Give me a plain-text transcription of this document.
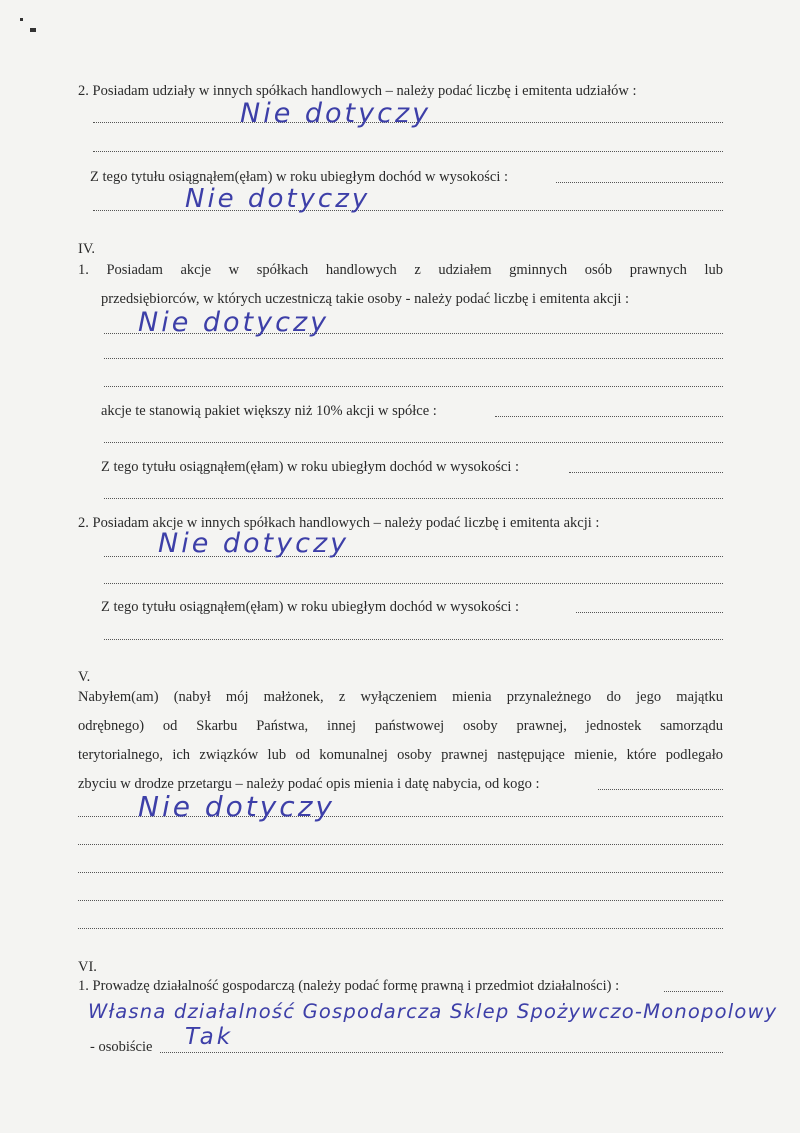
2. Posiadam udziały w innych spółkach handlowych – należy podać liczbę i emitenta udziałów :
Nie dotyczy
Z tego tytułu osiągnąłem(ęłam) w roku ubiegłym dochód w wysokości :
Nie dotyczy
IV.
1. Posiadam akcje w spółkach handlowych z udziałem gminnych osób prawnych lub
przedsiębiorców, w których uczestniczą takie osoby - należy podać liczbę i emitenta akcji :
Nie dotyczy
akcje te stanowią pakiet większy niż 10% akcji w spółce :
Z tego tytułu osiągnąłem(ęłam) w roku ubiegłym dochód w wysokości :
2. Posiadam akcje w innych spółkach handlowych – należy podać liczbę i emitenta akcji :
Nie dotyczy
Z tego tytułu osiągnąłem(ęłam) w roku ubiegłym dochód w wysokości :
V.
Nabyłem(am) (nabył mój małżonek, z wyłączeniem mienia przynależnego do jego majątku
odrębnego) od Skarbu Państwa, innej państwowej osoby prawnej, jednostek samorządu
terytorialnego, ich związków lub od komunalnej osoby prawnej następujące mienie, które podlegało
zbyciu w drodze przetargu – należy podać opis mienia i datę nabycia, od kogo :
Nie dotyczy
VI.
1. Prowadzę działalność gospodarczą (należy podać formę prawną i przedmiot działalności) :
Własna działalność Gospodarcza Sklep Spożywczo-Monopolowy
- osobiście Tak
